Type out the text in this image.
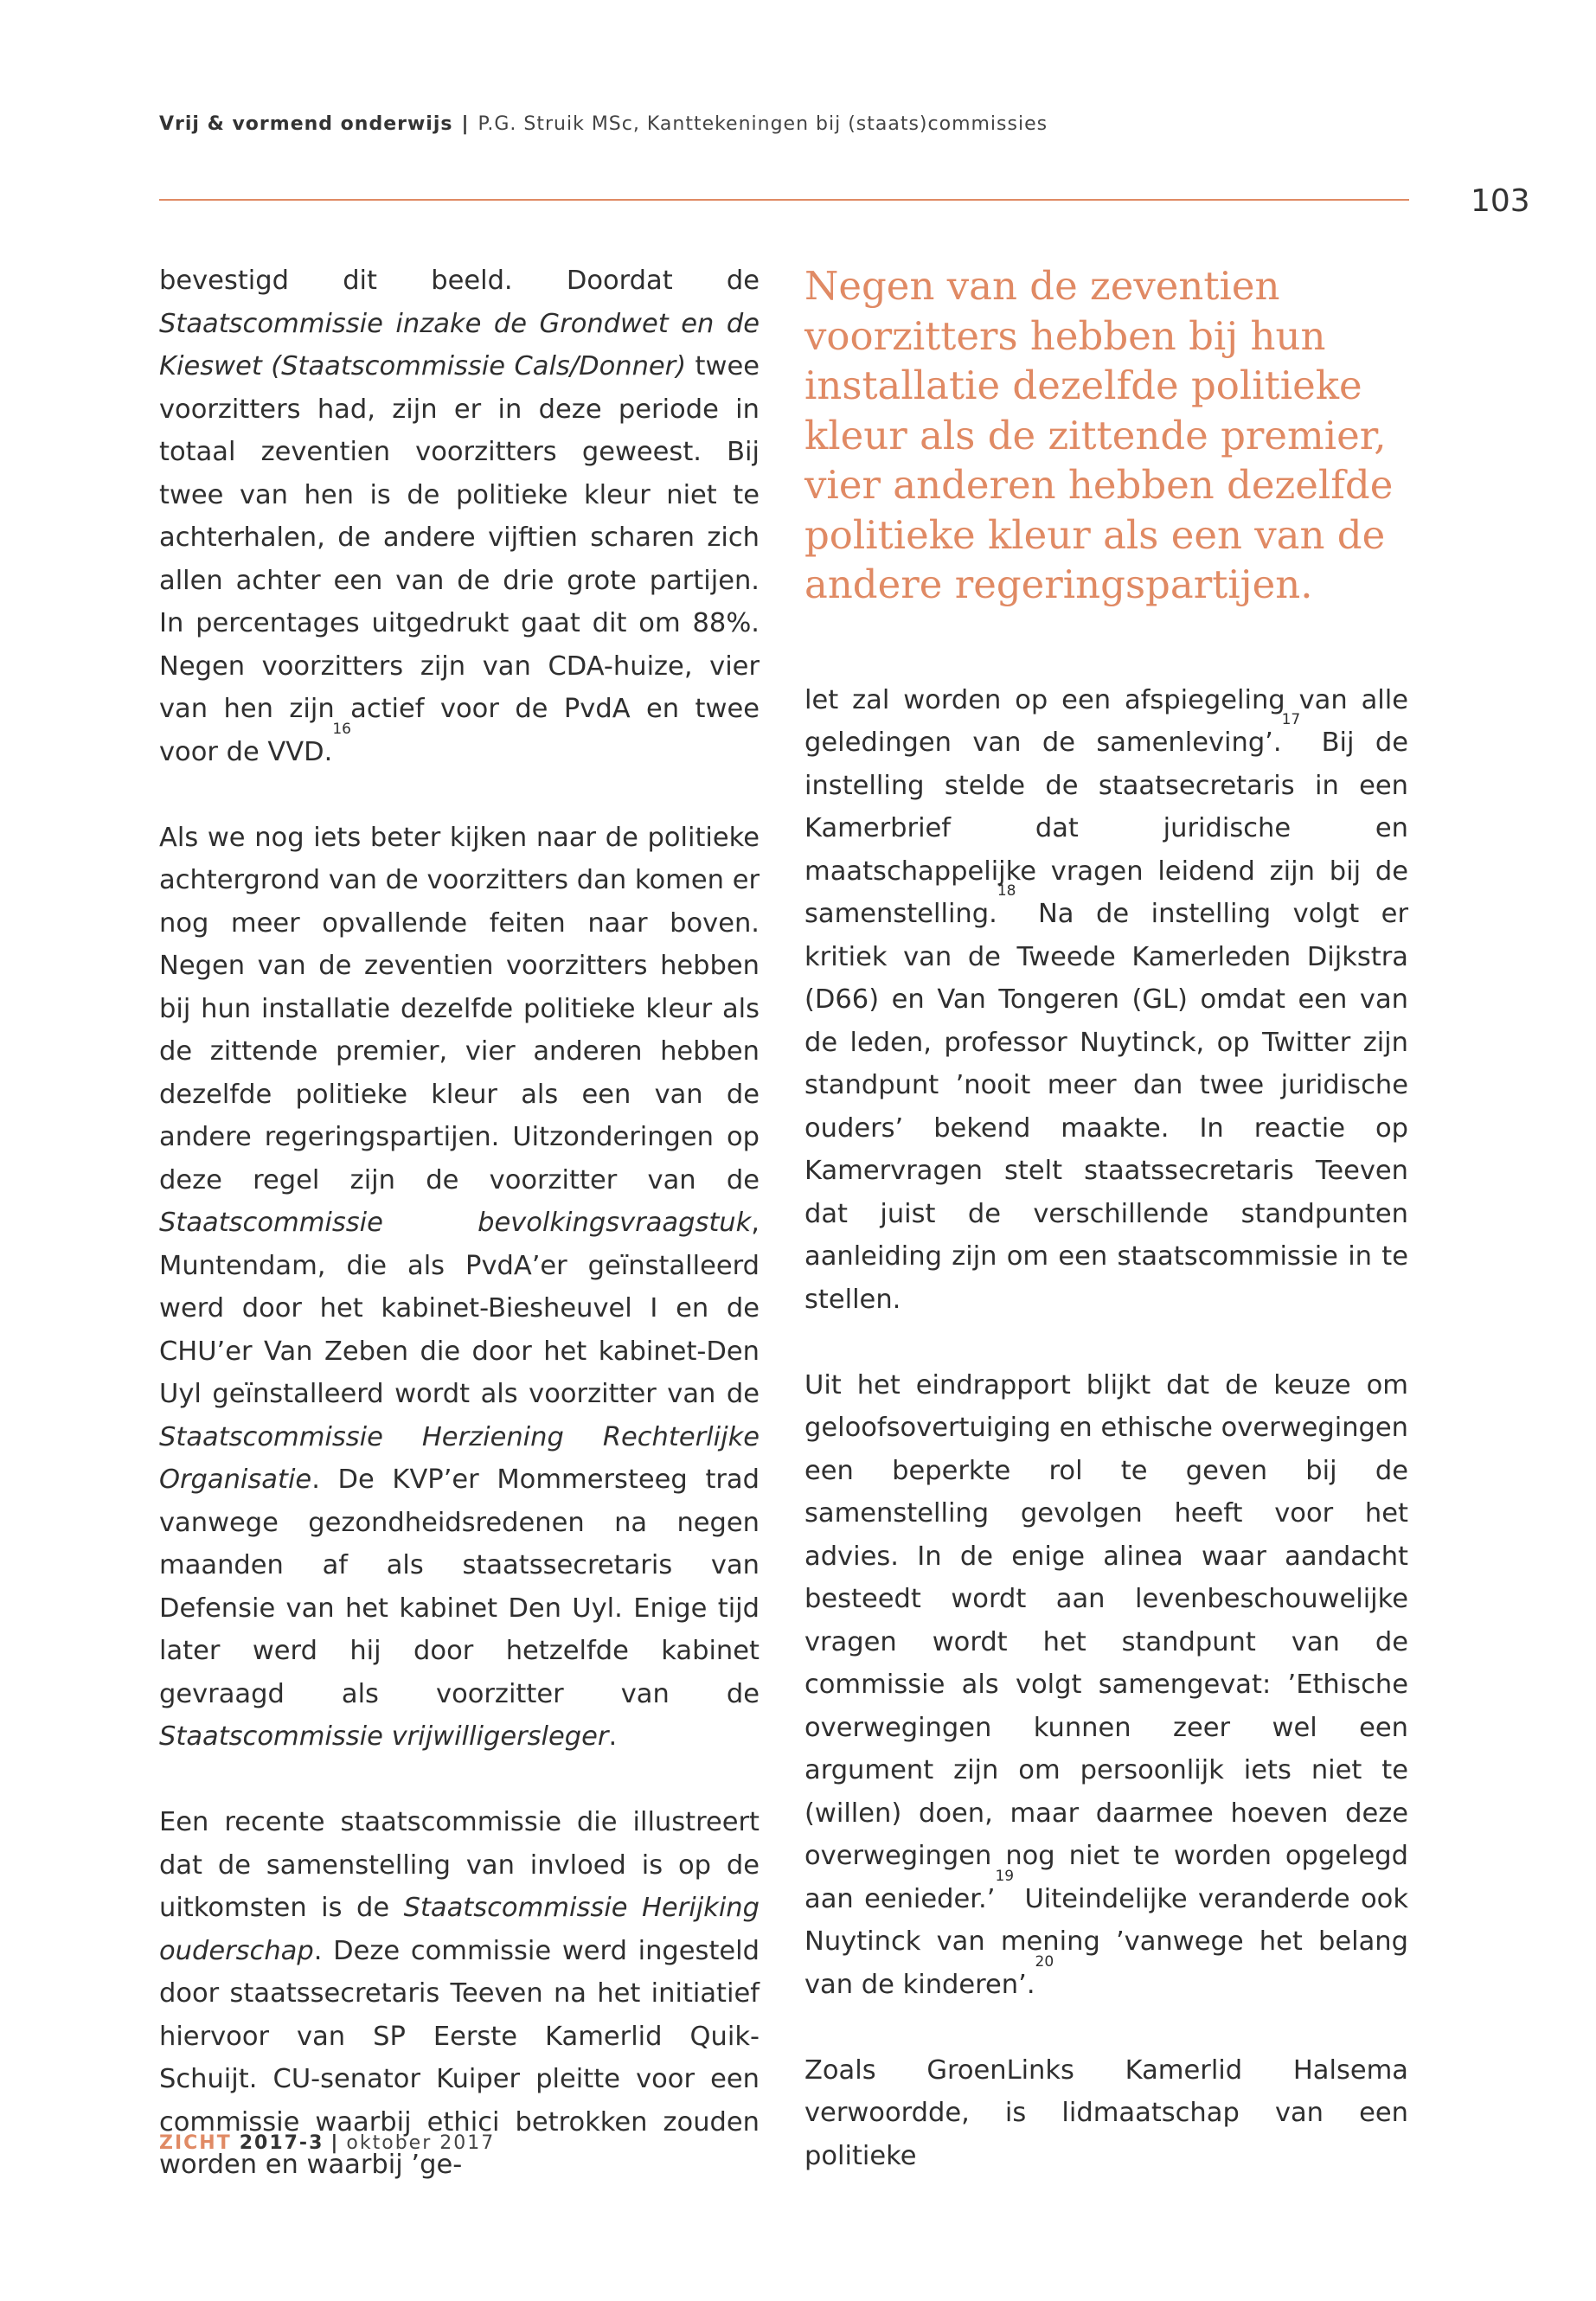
Vrij & vormend onderwijs | P.G. Struik MSc, Kanttekeningen bij (staats)commissies
103

bevestigd dit beeld. Doordat de Staatscommissie inzake de Grondwet en de Kieswet (Staatscommissie Cals/Donner) twee voorzitters had, zijn er in deze periode in totaal zeventien voorzitters geweest. Bij twee van hen is de politieke kleur niet te achterhalen, de andere vijftien scharen zich allen achter een van de drie grote partijen. In percentages uitgedrukt gaat dit om 88%. Negen voorzitters zijn van CDA-huize, vier van hen zijn actief voor de PvdA en twee voor de VVD.$^{16}$

Als we nog iets beter kijken naar de politieke achtergrond van de voorzitters dan komen er nog meer opvallende feiten naar boven. Negen van de zeventien voorzitters hebben bij hun installatie dezelfde politieke kleur als de zittende premier, vier anderen hebben dezelfde politieke kleur als een van de andere regeringspartijen. Uitzonderingen op deze regel zijn de voorzitter van de Staatscommissie bevolkingsvraagstuk, Muntendam, die als PvdA’er geïnstalleerd werd door het kabinet-Biesheuvel I en de CHU’er Van Zeben die door het kabinet-Den Uyl geïnstalleerd wordt als voorzitter van de Staatscommissie Herziening Rechterlijke Organisatie. De KVP’er Mommersteeg trad vanwege gezondheidsredenen na negen maanden af als staatssecretaris van Defensie van het kabinet Den Uyl. Enige tijd later werd hij door hetzelfde kabinet gevraagd als voorzitter van de Staatscommissie vrijwilligersleger.

Een recente staatscommissie die illustreert dat de samenstelling van invloed is op de uitkomsten is de Staatscommissie Herijking ouderschap. Deze commissie werd ingesteld door staatssecretaris Teeven na het initiatief hiervoor van SP Eerste Kamerlid Quik-Schuijt. CU-senator Kuiper pleitte voor een commissie waarbij ethici betrokken zouden worden en waarbij ’ge-

Negen van de zeventien voorzitters hebben bij hun installatie dezelfde politieke kleur als de zittende premier, vier anderen hebben dezelfde politieke kleur als een van de andere regeringspartijen.

let zal worden op een afspiegeling van alle geledingen van de samenleving’.$^{17}$ Bij de instelling stelde de staatsecretaris in een Kamerbrief dat juridische en maatschappelijke vragen leidend zijn bij de samenstelling.$^{18}$ Na de instelling volgt er kritiek van de Tweede Kamerleden Dijkstra (D66) en Van Tongeren (GL) omdat een van de leden, professor Nuytinck, op Twitter zijn standpunt ’nooit meer dan twee juridische ouders’ bekend maakte. In reactie op Kamervragen stelt staatssecretaris Teeven dat juist de verschillende standpunten aanleiding zijn om een staatscommissie in te stellen.

Uit het eindrapport blijkt dat de keuze om geloofsovertuiging en ethische overwegingen een beperkte rol te geven bij de samenstelling gevolgen heeft voor het advies. In de enige alinea waar aandacht besteedt wordt aan levenbeschouwelijke vragen wordt het standpunt van de commissie als volgt samengevat: ’Ethische overwegingen kunnen zeer wel een argument zijn om persoonlijk iets niet te (willen) doen, maar daarmee hoeven deze overwegingen nog niet te worden opgelegd aan eenieder.’$^{19}$ Uiteindelijke veranderde ook Nuytinck van mening ’vanwege het belang van de kinderen’.$^{20}$

Zoals GroenLinks Kamerlid Halsema verwoordde, is lidmaatschap van een politieke

ZICHT 2017-3 | oktober 2017
